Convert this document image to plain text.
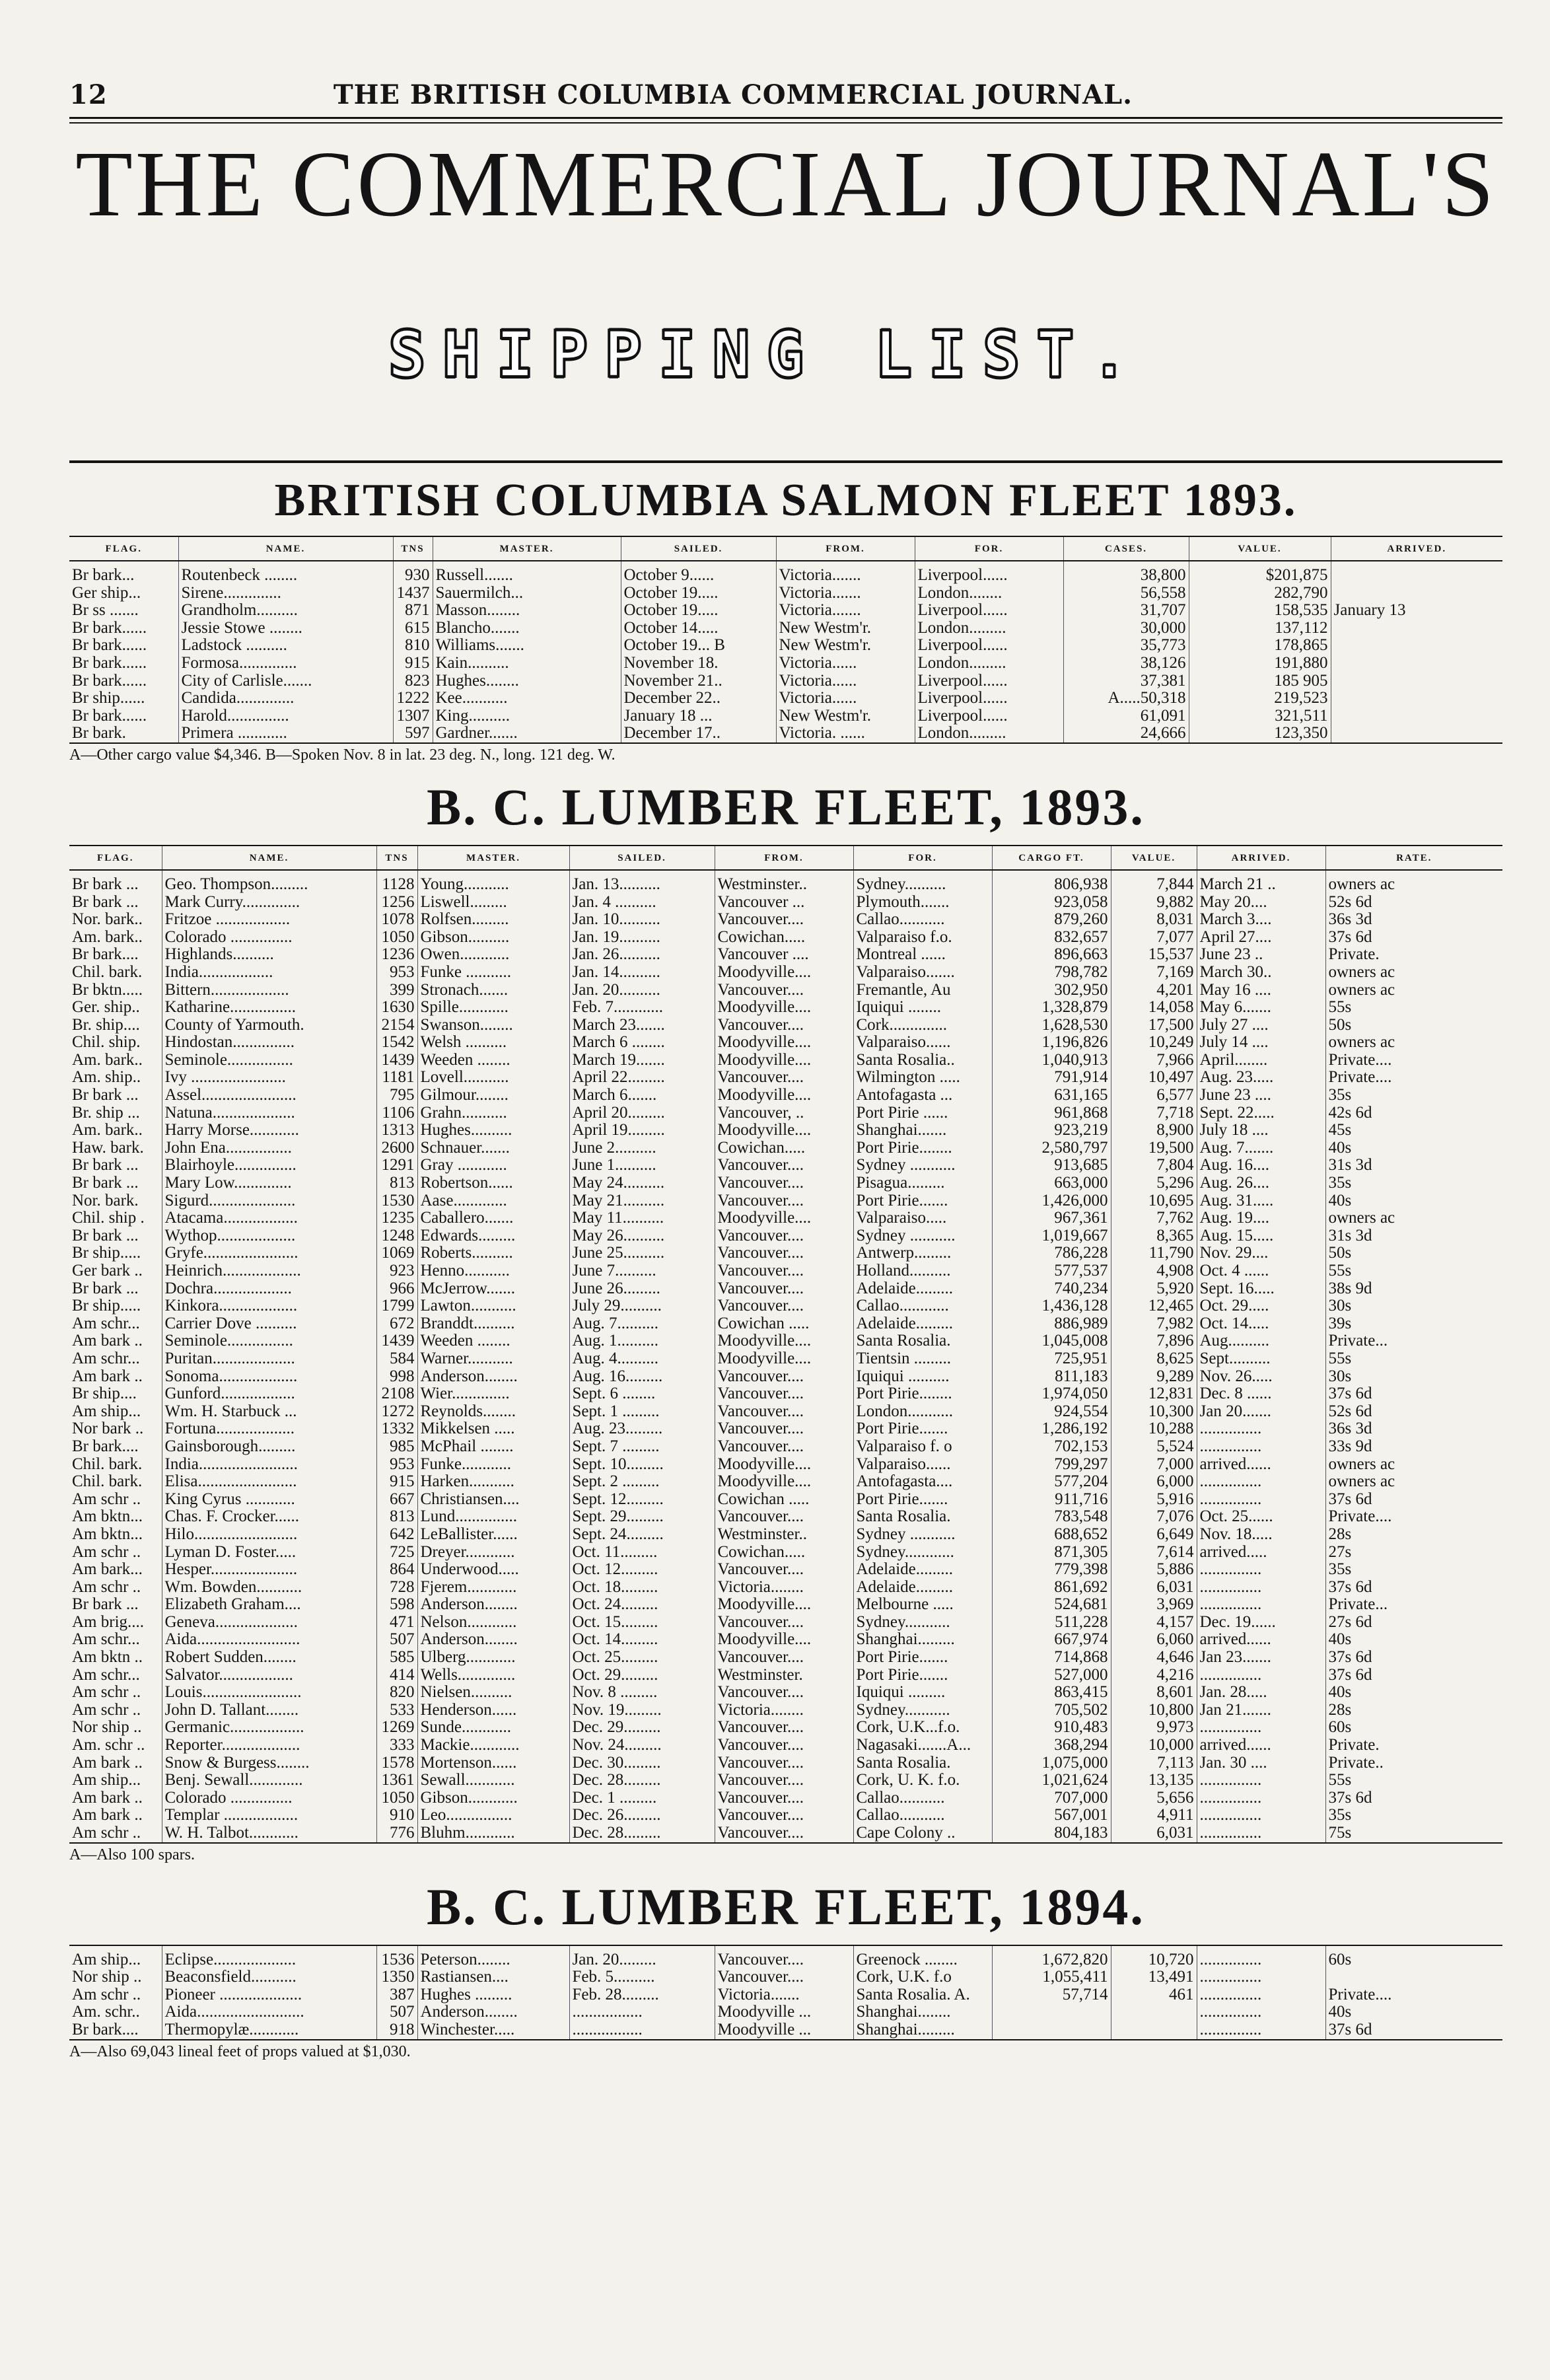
12	THE BRITISH COLUMBIA COMMERCIAL JOURNAL.
THE COMMERCIAL JOURNAL'S
SHIPPING LIST.
BRITISH COLUMBIA SALMON FLEET 1893.
FLAG.	NAME.	TNS	MASTER.	SAILED.	FROM.	FOR.	CASES.	VALUE.	ARRIVED.
Br bark...	Routenbeck ........	930	Russell.......	October 9......	Victoria.......	Liverpool......	38,800	$201,875	
Ger ship...	Sirene..............	1437	Sauermilch...	October 19.....	Victoria.......	London........	56,558	282,790	
Br ss .......	Grandholm..........	871	Masson........	October 19.....	Victoria.......	Liverpool......	31,707	158,535	January 13
Br bark......	Jessie Stowe ........	615	Blancho.......	October 14.....	New Westm'r.	London.........	30,000	137,112	
Br bark......	Ladstock ..........	810	Williams.......	October 19... B	New Westm'r.	Liverpool......	35,773	178,865	
Br bark......	Formosa..............	915	Kain..........	November 18.	Victoria......	London.........	38,126	191,880	
Br bark......	City of Carlisle.......	823	Hughes........	November 21..	Victoria......	Liverpool......	37,381	185 905	
Br ship......	Candida..............	1222	Kee...........	December 22..	Victoria......	Liverpool......	A.....50,318	219,523	
Br bark......	Harold...............	1307	King..........	January 18 ...	New Westm'r.	Liverpool......	61,091	321,511	
Br bark.	Primera ............	597	Gardner.......	December 17..	Victoria. ......	London.........	24,666	123,350	
A—Other cargo value $4,346. B—Spoken Nov. 8 in lat. 23 deg. N., long. 121 deg. W.
B. C. LUMBER FLEET, 1893.
FLAG.	NAME.	TNS	MASTER.	SAILED.	FROM.	FOR.	CARGO FT.	VALUE.	ARRIVED.	RATE.
Br bark ...	Geo. Thompson.........	1128	Young...........	Jan. 13..........	Westminster..	Sydney..........	806,938	7,844	March 21 ..	owners ac
Br bark ...	Mark Curry..............	1256	Liswell.........	Jan. 4 ..........	Vancouver ...	Plymouth.......	923,058	9,882	May 20....	52s 6d
Nor. bark..	Fritzoe ..................	1078	Rolfsen.........	Jan. 10..........	Vancouver....	Callao...........	879,260	8,031	March 3....	36s 3d
Am. bark..	Colorado ...............	1050	Gibson..........	Jan. 19..........	Cowichan.....	Valparaiso f.o.	832,657	7,077	April 27....	37s 6d
Br bark....	Highlands..........	1236	Owen............	Jan. 26..........	Vancouver ....	Montreal ......	896,663	15,537	June 23 ..	Private.
Chil. bark.	India..................	953	Funke ...........	Jan. 14..........	Moodyville....	Valparaiso.......	798,782	7,169	March 30..	owners ac
Br bktn.....	Bittern...................	399	Stronach.......	Jan. 20..........	Vancouver....	Fremantle, Au	302,950	4,201	May 16 ....	owners ac
Ger. ship..	Katharine................	1630	Spille............	Feb. 7............	Moodyville....	Iquiqui ........	1,328,879	14,058	May 6.......	55s
Br. ship....	County of Yarmouth.	2154	Swanson........	March 23.......	Vancouver....	Cork..............	1,628,530	17,500	July 27 ....	50s
Chil. ship.	Hindostan...............	1542	Welsh ..........	March 6 ........	Moodyville....	Valparaiso......	1,196,826	10,249	July 14 ....	owners ac
Am. bark..	Seminole................	1439	Weeden ........	March 19.......	Moodyville....	Santa Rosalia..	1,040,913	7,966	April........	Private....
Am. ship..	Ivy .......................	1181	Lovell...........	April 22.........	Vancouver....	Wilmington .....	791,914	10,497	Aug. 23.....	Private....
Br bark ...	Assel.......................	795	Gilmour........	March 6.......	Moodyville....	Antofagasta ...	631,165	6,577	June 23 ....	35s
Br. ship ...	Natuna....................	1106	Grahn...........	April 20.........	Vancouver, ..	Port Pirie ......	961,868	7,718	Sept. 22.....	42s 6d
Am. bark..	Harry Morse............	1313	Hughes..........	April 19.........	Moodyville....	Shanghai.......	923,219	8,900	July 18 ....	45s
Haw. bark.	John Ena................	2600	Schnauer.......	June 2..........	Cowichan.....	Port Pirie........	2,580,797	19,500	Aug. 7.......	40s
Br bark ...	Blairhoyle...............	1291	Gray ............	June 1..........	Vancouver....	Sydney ...........	913,685	7,804	Aug. 16....	31s 3d
Br bark ...	Mary Low..............	813	Robertson......	May 24..........	Vancouver....	Pisagua.........	663,000	5,296	Aug. 26....	35s
Nor. bark.	Sigurd.....................	1530	Aase.............	May 21..........	Vancouver....	Port Pirie.......	1,426,000	10,695	Aug. 31.....	40s
Chil. ship .	Atacama..................	1235	Caballero.......	May 11..........	Moodyville....	Valparaiso.....	967,361	7,762	Aug. 19....	owners ac
Br bark ...	Wythop...................	1248	Edwards.........	May 26..........	Vancouver....	Sydney ...........	1,019,667	8,365	Aug. 15.....	31s 3d
Br ship.....	Gryfe.......................	1069	Roberts..........	June 25..........	Vancouver....	Antwerp.........	786,228	11,790	Nov. 29....	50s
Ger bark ..	Heinrich...................	923	Henno...........	June 7..........	Vancouver....	Holland..........	577,537	4,908	Oct. 4 ......	55s
Br bark ...	Dochra...................	966	McJerrow.......	June 26.........	Vancouver....	Adelaide.........	740,234	5,920	Sept. 16.....	38s 9d
Br ship.....	Kinkora...................	1799	Lawton...........	July 29..........	Vancouver....	Callao............	1,436,128	12,465	Oct. 29.....	30s
Am schr...	Carrier Dove ..........	672	Branddt..........	Aug. 7..........	Cowichan .....	Adelaide.........	886,989	7,982	Oct. 14.....	39s
Am bark ..	Seminole................	1439	Weeden ........	Aug. 1..........	Moodyville....	Santa Rosalia.	1,045,008	7,896	Aug..........	Private...
Am schr...	Puritan....................	584	Warner...........	Aug. 4..........	Moodyville....	Tientsin .........	725,951	8,625	Sept..........	55s
Am bark ..	Sonoma...................	998	Anderson........	Aug. 16.........	Vancouver....	Iquiqui ..........	811,183	9,289	Nov. 26.....	30s
Br ship....	Gunford..................	2108	Wier..............	Sept. 6 ........	Vancouver....	Port Pirie........	1,974,050	12,831	Dec. 8 ......	37s 6d
Am ship...	Wm. H. Starbuck ...	1272	Reynolds........	Sept. 1 .........	Vancouver....	London...........	924,554	10,300	Jan 20.......	52s 6d
Nor bark ..	Fortuna...................	1332	Mikkelsen .....	Aug. 23.........	Vancouver....	Port Pirie.......	1,286,192	10,288	...............	36s 3d
Br bark....	Gainsborough.........	985	McPhail ........	Sept. 7 .........	Vancouver....	Valparaiso f. o	702,153	5,524	...............	33s 9d
Chil. bark.	India........................	953	Funke............	Sept. 10.........	Moodyville....	Valparaiso......	799,297	7,000	arrived......	owners ac
Chil. bark.	Elisa........................	915	Harken...........	Sept. 2 .........	Moodyville....	Antofagasta....	577,204	6,000	...............	owners ac
Am schr ..	King Cyrus ............	667	Christiansen....	Sept. 12.........	Cowichan .....	Port Pirie.......	911,716	5,916	...............	37s 6d
Am bktn...	Chas. F. Crocker......	813	Lund...............	Sept. 29.........	Vancouver....	Santa Rosalia.	783,548	7,076	Oct. 25......	Private....
Am bktn...	Hilo.........................	642	LeBallister......	Sept. 24.........	Westminster..	Sydney ...........	688,652	6,649	Nov. 18.....	28s
Am schr ..	Lyman D. Foster.....	725	Dreyer............	Oct. 11.........	Cowichan.....	Sydney............	871,305	7,614	arrived.....	27s
Am bark...	Hesper.....................	864	Underwood.....	Oct. 12.........	Vancouver....	Adelaide.........	779,398	5,886	...............	35s
Am schr ..	Wm. Bowden...........	728	Fjerem............	Oct. 18.........	Victoria........	Adelaide.........	861,692	6,031	...............	37s 6d
Br bark ...	Elizabeth Graham....	598	Anderson........	Oct. 24.........	Moodyville....	Melbourne .....	524,681	3,969	...............	Private...
Am brig....	Geneva....................	471	Nelson............	Oct. 15.........	Vancouver....	Sydney...........	511,228	4,157	Dec. 19......	27s 6d
Am schr...	Aida.........................	507	Anderson........	Oct. 14.........	Moodyville....	Shanghai.........	667,974	6,060	arrived......	40s
Am bktn ..	Robert Sudden........	585	Ulberg............	Oct. 25.........	Vancouver....	Port Pirie.......	714,868	4,646	Jan 23.......	37s 6d
Am schr...	Salvator..................	414	Wells..............	Oct. 29.........	Westminster.	Port Pirie.......	527,000	4,216	...............	37s 6d
Am schr ..	Louis........................	820	Nielsen..........	Nov. 8 .........	Vancouver....	Iquiqui .........	863,415	8,601	Jan. 28.....	40s
Am schr ..	John D. Tallant........	533	Henderson......	Nov. 19.........	Victoria........	Sydney...........	705,502	10,800	Jan 21.......	28s
Nor ship ..	Germanic..................	1269	Sunde............	Dec. 29.........	Vancouver....	Cork, U.K...f.o.	910,483	9,973	...............	60s
Am. schr ..	Reporter...................	333	Mackie............	Nov. 24.........	Vancouver....	Nagasaki.......A...	368,294	10,000	arrived......	Private.
Am bark ..	Snow & Burgess........	1578	Mortenson......	Dec. 30.........	Vancouver....	Santa Rosalia.	1,075,000	7,113	Jan. 30 ....	Private..
Am ship...	Benj. Sewall.............	1361	Sewall............	Dec. 28.........	Vancouver....	Cork, U. K. f.o.	1,021,624	13,135	...............	55s
Am bark ..	Colorado ...............	1050	Gibson............	Dec. 1 .........	Vancouver....	Callao...........	707,000	5,656	...............	37s 6d
Am bark ..	Templar ..................	910	Leo................	Dec. 26.........	Vancouver....	Callao...........	567,001	4,911	...............	35s
Am schr ..	W. H. Talbot............	776	Bluhm............	Dec. 28.........	Vancouver....	Cape Colony ..	804,183	6,031	...............	75s
A—Also 100 spars.
B. C. LUMBER FLEET, 1894.
Am ship...	Eclipse....................	1536	Peterson........	Jan. 20.........	Vancouver....	Greenock ........	1,672,820	10,720	...............	60s
Nor ship ..	Beaconsfield...........	1350	Rastiansen....	Feb. 5..........	Vancouver....	Cork, U.K. f.o	1,055,411	13,491	...............	
Am schr ..	Pioneer ....................	387	Hughes .........	Feb. 28.........	Victoria.......	Santa Rosalia. A.	57,714	461	...............	Private....
Am. schr..	Aida..........................	507	Anderson........	.................	Moodyville ...	Shanghai........			...............	40s
Br bark....	Thermopylæ............	918	Winchester.....	.................	Moodyville ...	Shanghai.........			...............	37s 6d
A—Also 69,043 lineal feet of props valued at $1,030.
